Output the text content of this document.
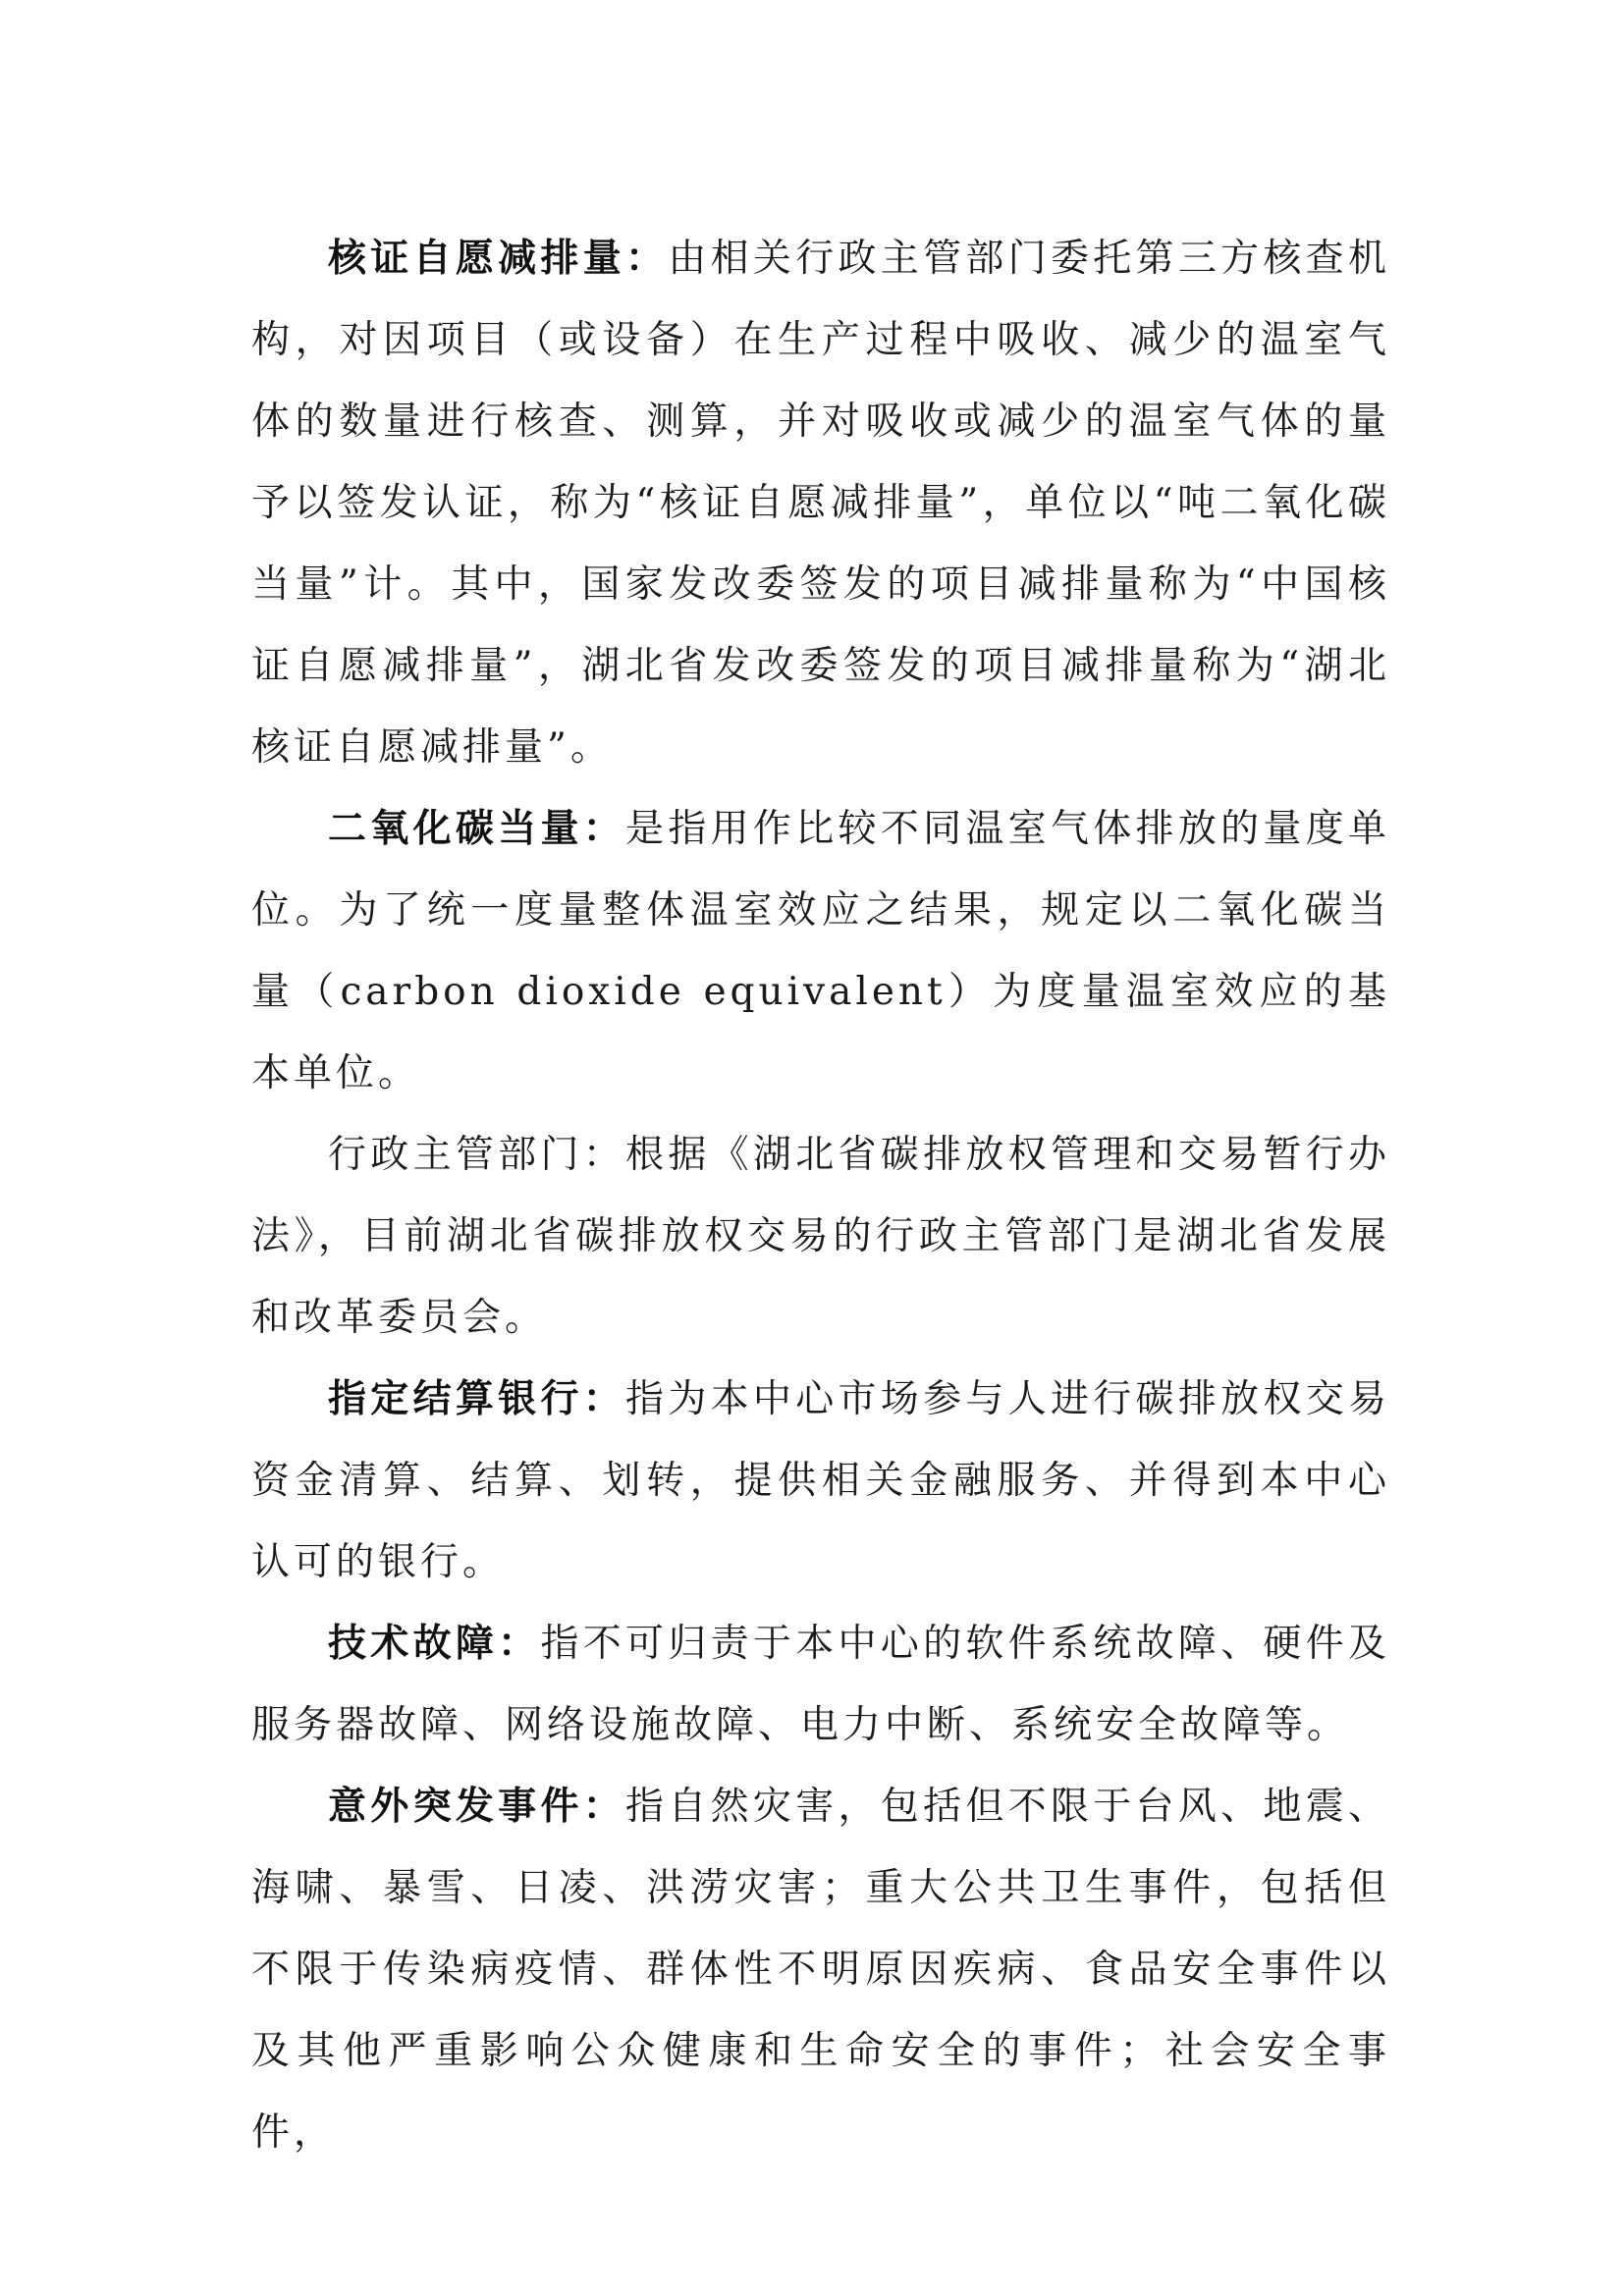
核证自愿减排量：由相关行政主管部门委托第三方核查机构，对因项目（或设备）在生产过程中吸收、减少的温室气体的数量进行核查、测算，并对吸收或减少的温室气体的量予以签发认证，称为“核证自愿减排量”，单位以“吨二氧化碳当量”计。其中，国家发改委签发的项目减排量称为“中国核证自愿减排量”，湖北省发改委签发的项目减排量称为“湖北核证自愿减排量”。

二氧化碳当量：是指用作比较不同温室气体排放的量度单位。为了统一度量整体温室效应之结果，规定以二氧化碳当量（carbon dioxide equivalent）为度量温室效应的基本单位。

行政主管部门：根据《湖北省碳排放权管理和交易暂行办法》，目前湖北省碳排放权交易的行政主管部门是湖北省发展和改革委员会。

指定结算银行：指为本中心市场参与人进行碳排放权交易资金清算、结算、划转，提供相关金融服务、并得到本中心认可的银行。

技术故障：指不可归责于本中心的软件系统故障、硬件及服务器故障、网络设施故障、电力中断、系统安全故障等。

意外突发事件：指自然灾害，包括但不限于台风、地震、海啸、暴雪、日凌、洪涝灾害；重大公共卫生事件，包括但不限于传染病疫情、群体性不明原因疾病、食品安全事件以及其他严重影响公众健康和生命安全的事件；社会安全事件，
